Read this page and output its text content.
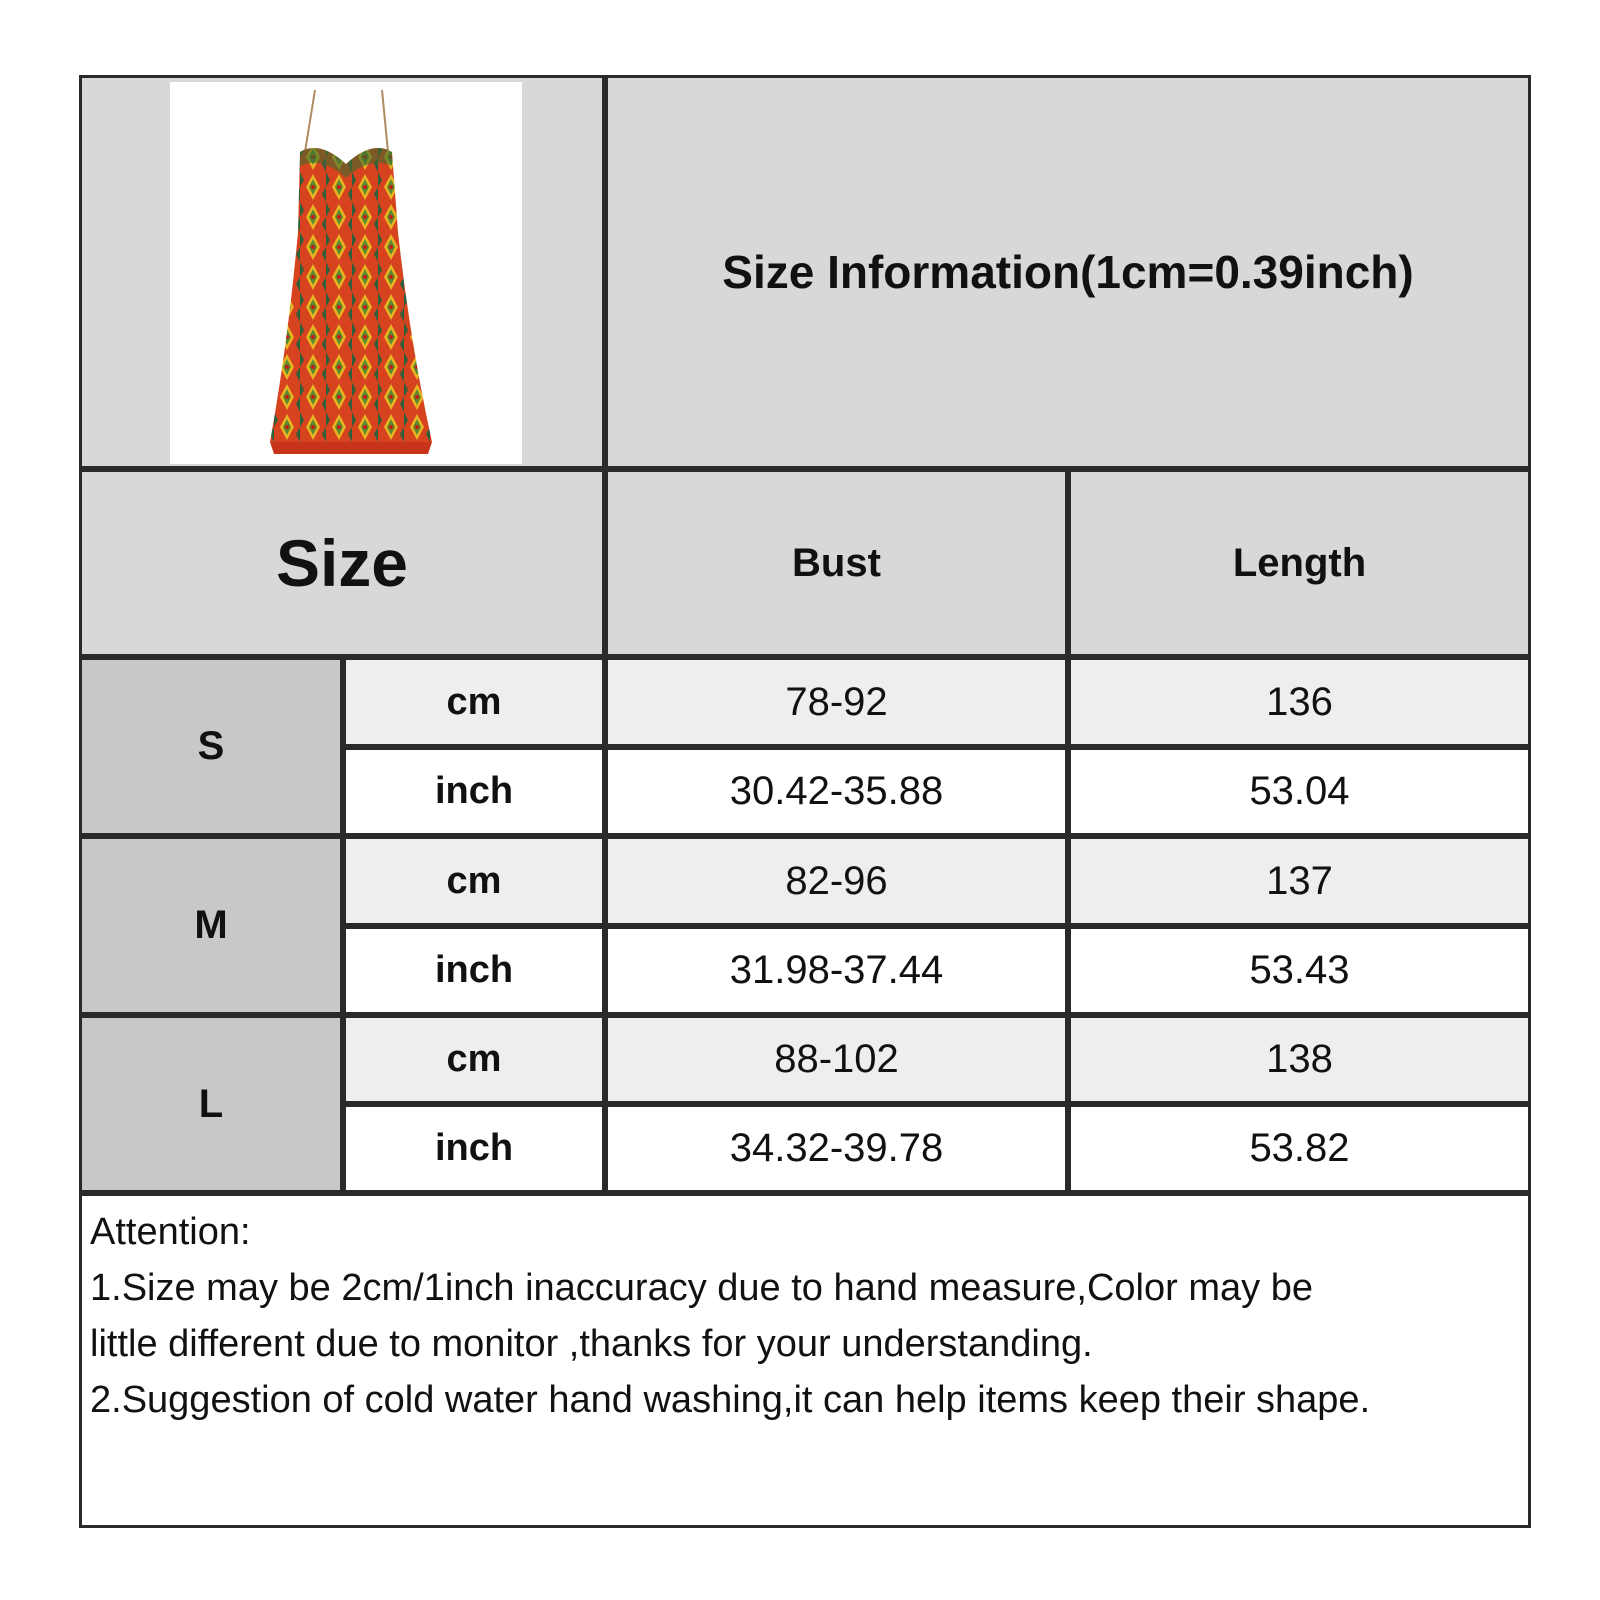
Size Information(1cm=0.39inch)
Size	Bust	Length
S
cm	78-92	136
inch	30.42-35.88	53.04
M
cm	82-96	137
inch	31.98-37.44	53.43
L
cm	88-102	138
inch	34.32-39.78	53.82
Attention:
1.Size may be 2cm/1inch inaccuracy due to hand measure,Color may be
little different due to monitor ,thanks for your understanding.
2.Suggestion of cold water hand washing,it can help items keep their shape.
